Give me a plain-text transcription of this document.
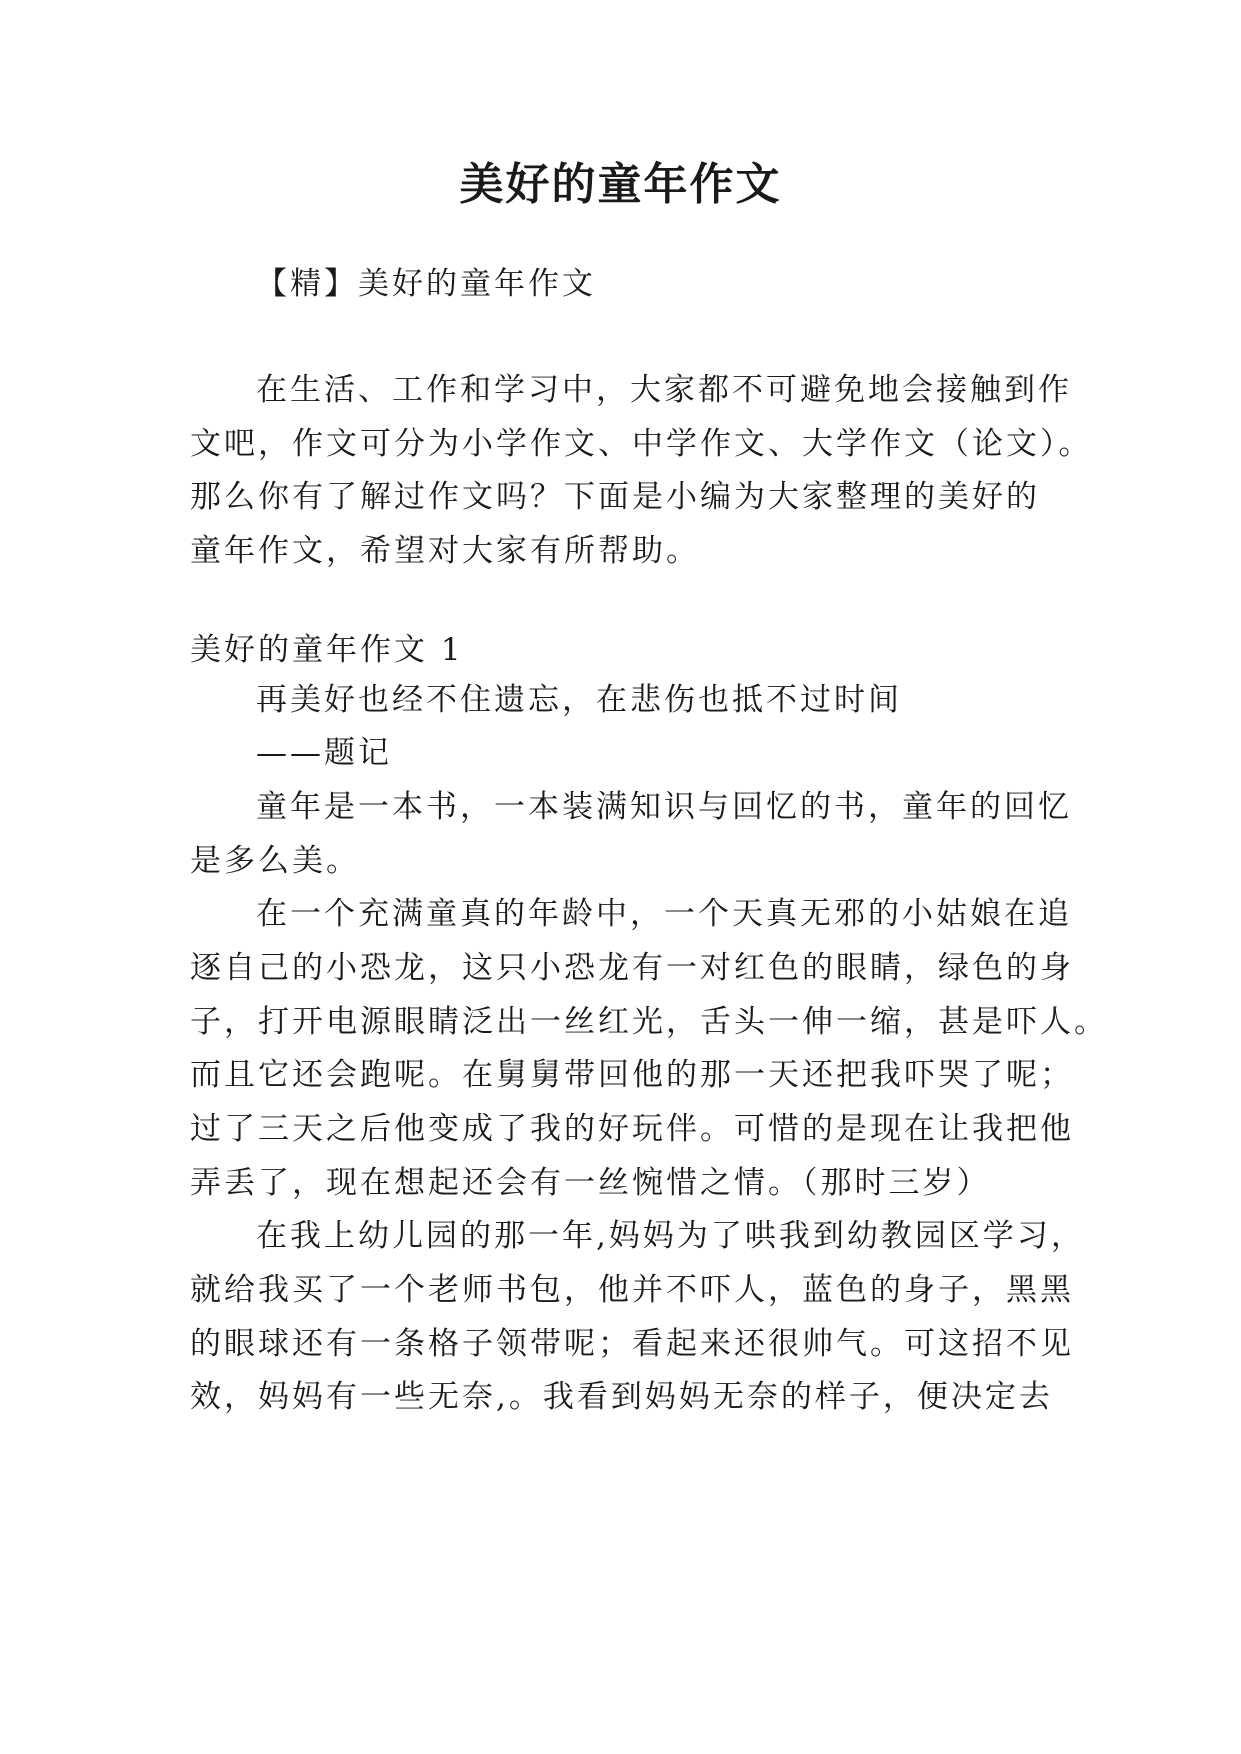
美好的童年作文
【精】美好的童年作文
在生活、工作和学习中，大家都不可避免地会接触到作
文吧，作文可分为小学作文、中学作文、大学作文（论文）。
那么你有了解过作文吗？下面是小编为大家整理的美好的
童年作文，希望对大家有所帮助。
美好的童年作文 1
再美好也经不住遗忘，在悲伤也抵不过时间
——题记
童年是一本书，一本装满知识与回忆的书，童年的回忆
是多么美。
在一个充满童真的年龄中，一个天真无邪的小姑娘在追
逐自己的小恐龙，这只小恐龙有一对红色的眼睛，绿色的身
子，打开电源眼睛泛出一丝红光，舌头一伸一缩，甚是吓人。
而且它还会跑呢。在舅舅带回他的那一天还把我吓哭了呢；
过了三天之后他变成了我的好玩伴。可惜的是现在让我把他
弄丢了，现在想起还会有一丝惋惜之情。（那时三岁）
在我上幼儿园的那一年,妈妈为了哄我到幼教园区学习，
就给我买了一个老师书包，他并不吓人，蓝色的身子，黑黑
的眼球还有一条格子领带呢；看起来还很帅气。可这招不见
效，妈妈有一些无奈,。我看到妈妈无奈的样子，便决定去
